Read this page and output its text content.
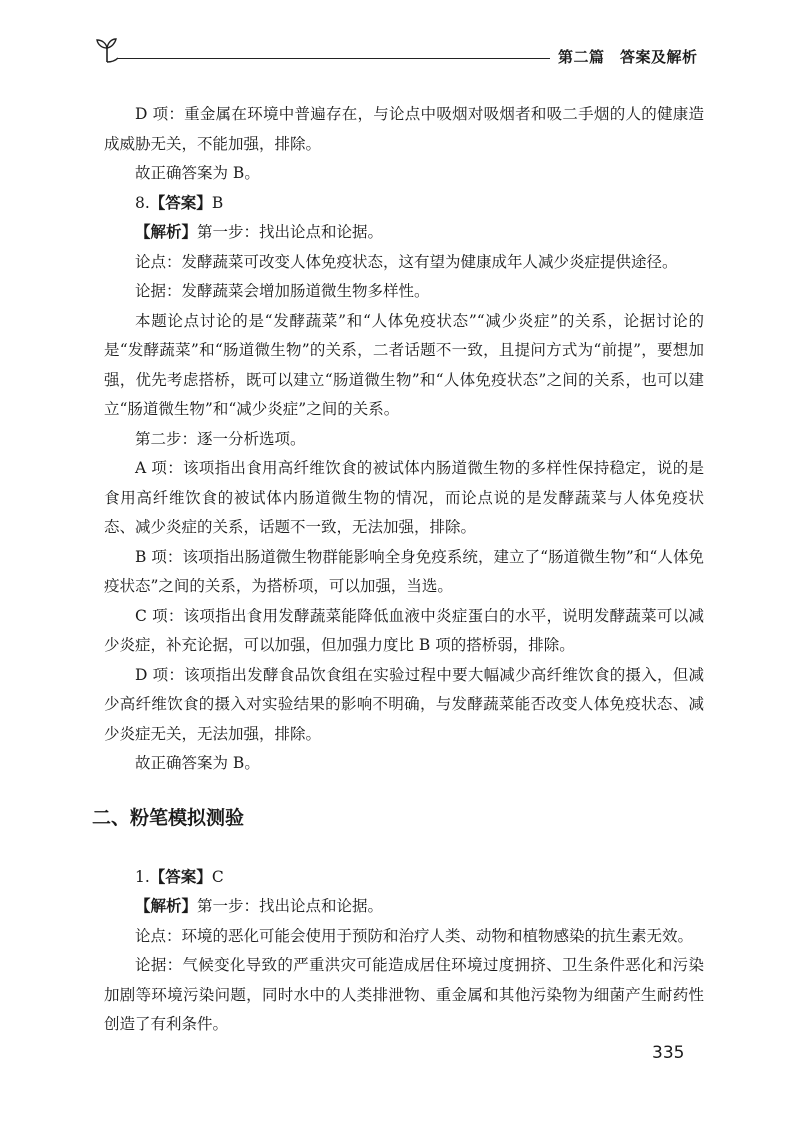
第二篇　答案及解析

D 项：重金属在环境中普遍存在，与论点中吸烟对吸烟者和吸二手烟的人的健康造成威胁无关，不能加强，排除。

故正确答案为 B。

8.【答案】B

【解析】第一步：找出论点和论据。

论点：发酵蔬菜可改变人体免疫状态，这有望为健康成年人减少炎症提供途径。

论据：发酵蔬菜会增加肠道微生物多样性。

本题论点讨论的是“发酵蔬菜”和“人体免疫状态”“减少炎症”的关系，论据讨论的是“发酵蔬菜”和“肠道微生物”的关系，二者话题不一致，且提问方式为“前提”，要想加强，优先考虑搭桥，既可以建立“肠道微生物”和“人体免疫状态”之间的关系，也可以建立“肠道微生物”和“减少炎症”之间的关系。

第二步：逐一分析选项。

A 项：该项指出食用高纤维饮食的被试体内肠道微生物的多样性保持稳定，说的是食用高纤维饮食的被试体内肠道微生物的情况，而论点说的是发酵蔬菜与人体免疫状态、减少炎症的关系，话题不一致，无法加强，排除。

B 项：该项指出肠道微生物群能影响全身免疫系统，建立了“肠道微生物”和“人体免疫状态”之间的关系，为搭桥项，可以加强，当选。

C 项：该项指出食用发酵蔬菜能降低血液中炎症蛋白的水平，说明发酵蔬菜可以减少炎症，补充论据，可以加强，但加强力度比 B 项的搭桥弱，排除。

D 项：该项指出发酵食品饮食组在实验过程中要大幅减少高纤维饮食的摄入，但减少高纤维饮食的摄入对实验结果的影响不明确，与发酵蔬菜能否改变人体免疫状态、减少炎症无关，无法加强，排除。

故正确答案为 B。

二、粉笔模拟测验

1.【答案】C

【解析】第一步：找出论点和论据。

论点：环境的恶化可能会使用于预防和治疗人类、动物和植物感染的抗生素无效。

论据：气候变化导致的严重洪灾可能造成居住环境过度拥挤、卫生条件恶化和污染加剧等环境污染问题，同时水中的人类排泄物、重金属和其他污染物为细菌产生耐药性创造了有利条件。

335
